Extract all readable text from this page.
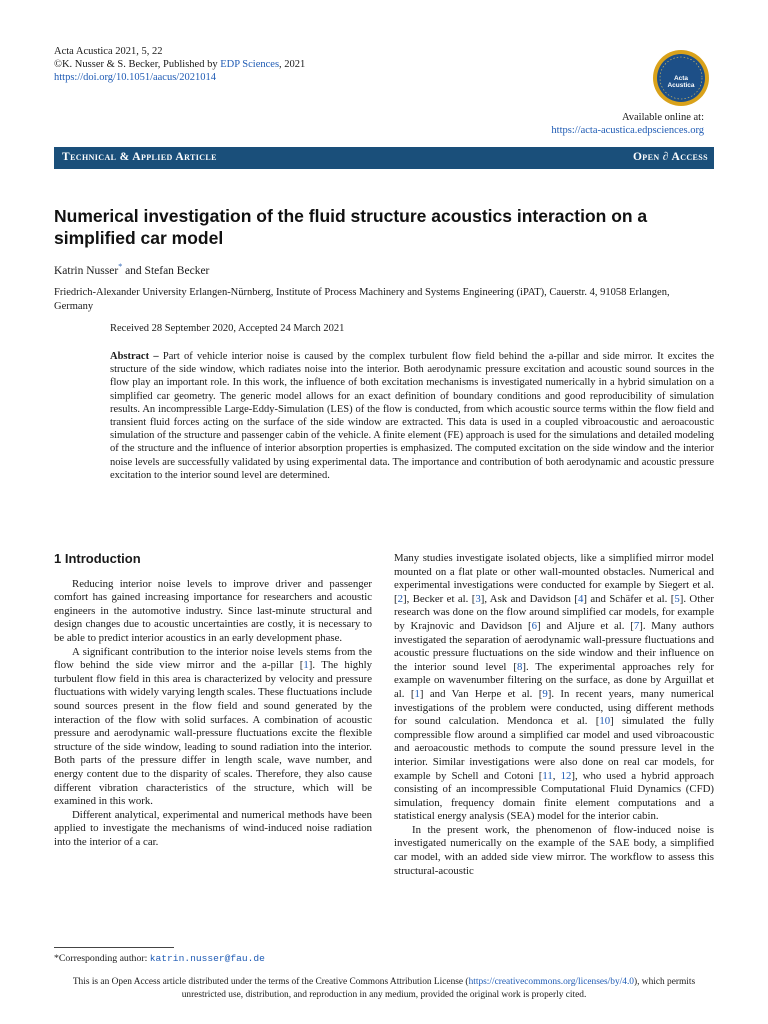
Acta Acustica 2021, 5, 22
©K. Nusser & S. Becker, Published by EDP Sciences, 2021
https://doi.org/10.1051/aacus/2021014	Acta
Acustica
Available online at:
https://acta-acustica.edpsciences.org
Technical & Applied Article	Open ∂ Access
Numerical investigation of the fluid structure acoustics interaction on a simplified car model
Katrin Nusser* and Stefan Becker
Friedrich-Alexander University Erlangen-Nürnberg, Institute of Process Machinery and Systems Engineering (iPAT), Cauerstr. 4, 91058 Erlangen, Germany
Received 28 September 2020, Accepted 24 March 2021
Abstract – Part of vehicle interior noise is caused by the complex turbulent flow field behind the a-pillar and side mirror. It excites the structure of the side window, which radiates noise into the interior. Both aerodynamic pressure excitation and acoustic sound sources in the flow play an important role. In this work, the influence of both excitation mechanisms is investigated numerically in a hybrid simulation on a simplified car geometry. The generic model allows for an exact definition of boundary conditions and good reproducibility of simulation results. An incompressible Large-Eddy-Simulation (LES) of the flow is conducted, from which acoustic source terms within the flow field and transient fluid forces acting on the surface of the side window are extracted. This data is used in a coupled vibroacoustic and aeroacoustic simulation of the structure and passenger cabin of the vehicle. A finite element (FE) approach is used for the simulations and detailed modeling of the structure and the influence of interior absorption properties is emphasized. The computed excitation on the side window and the interior noise levels are successfully validated by using experimental data. The importance and contribution of both aerodynamic and acoustic pressure excitation to the interior sound level are determined.
1 Introduction

Reducing interior noise levels to improve driver and passenger comfort has gained increasing importance for researchers and acoustic engineers in the automotive industry. Since last-minute structural and design changes due to acoustic uncertainties are costly, it is necessary to be able to predict interior acoustics in an early development phase.

A significant contribution to the interior noise levels stems from the flow behind the side view mirror and the a-pillar [1]. The highly turbulent flow field in this area is characterized by velocity and pressure fluctuations with widely varying length scales. These fluctuations include sound sources present in the flow field and sound generated by the interaction of the flow with solid surfaces. A combination of acoustic pressure and aerodynamic wall-pressure fluctuations excite the flexible structure of the side window, leading to sound radiation into the interior. Both parts of the pressure differ in length scale, wave number, and energy content due to the disparity of scales. Therefore, they also cause different vibration characteristics of the structure, which will be examined in this work.

Different analytical, experimental and numerical methods have been applied to investigate the mechanisms of wind-induced noise radiation into the interior of a car.

Many studies investigate isolated objects, like a simplified mirror model mounted on a flat plate or other wall-mounted obstacles. Numerical and experimental investigations were conducted for example by Siegert et al. [2], Becker et al. [3], Ask and Davidson [4] and Schäfer et al. [5]. Other research was done on the flow around simplified car models, for example by Krajnovic and Davidson [6] and Aljure et al. [7]. Many authors investigated the separation of aerodynamic wall-pressure fluctuations and acoustic pressure fluctuations on the side window and their influence on the interior sound level [8]. The experimental approaches rely for example on wavenumber filtering on the surface, as done by Arguillat et al. [1] and Van Herpe et al. [9]. In recent years, many numerical investigations of the problem were conducted, using different methods for sound calculation. Mendonca et al. [10] simulated the fully compressible flow around a simplified car model and used vibroacoustic and aeroacoustic methods to compute the sound pressure level in the interior. Similar investigations were also done on real car models, for example by Schell and Cotoni [11, 12], who used a hybrid approach consisting of an incompressible Computational Fluid Dynamics (CFD) simulation, frequency domain finite element computations and a statistical energy analysis (SEA) model for the interior cabin.

In the present work, the phenomenon of flow-induced noise is investigated numerically on the example of the SAE body, a simplified car model, with an added side view mirror. The workflow to assess this structural-acoustic

*Corresponding author: katrin.nusser@fau.de
This is an Open Access article distributed under the terms of the Creative Commons Attribution License (https://creativecommons.org/licenses/by/4.0), which permits unrestricted use, distribution, and reproduction in any medium, provided the original work is properly cited.
